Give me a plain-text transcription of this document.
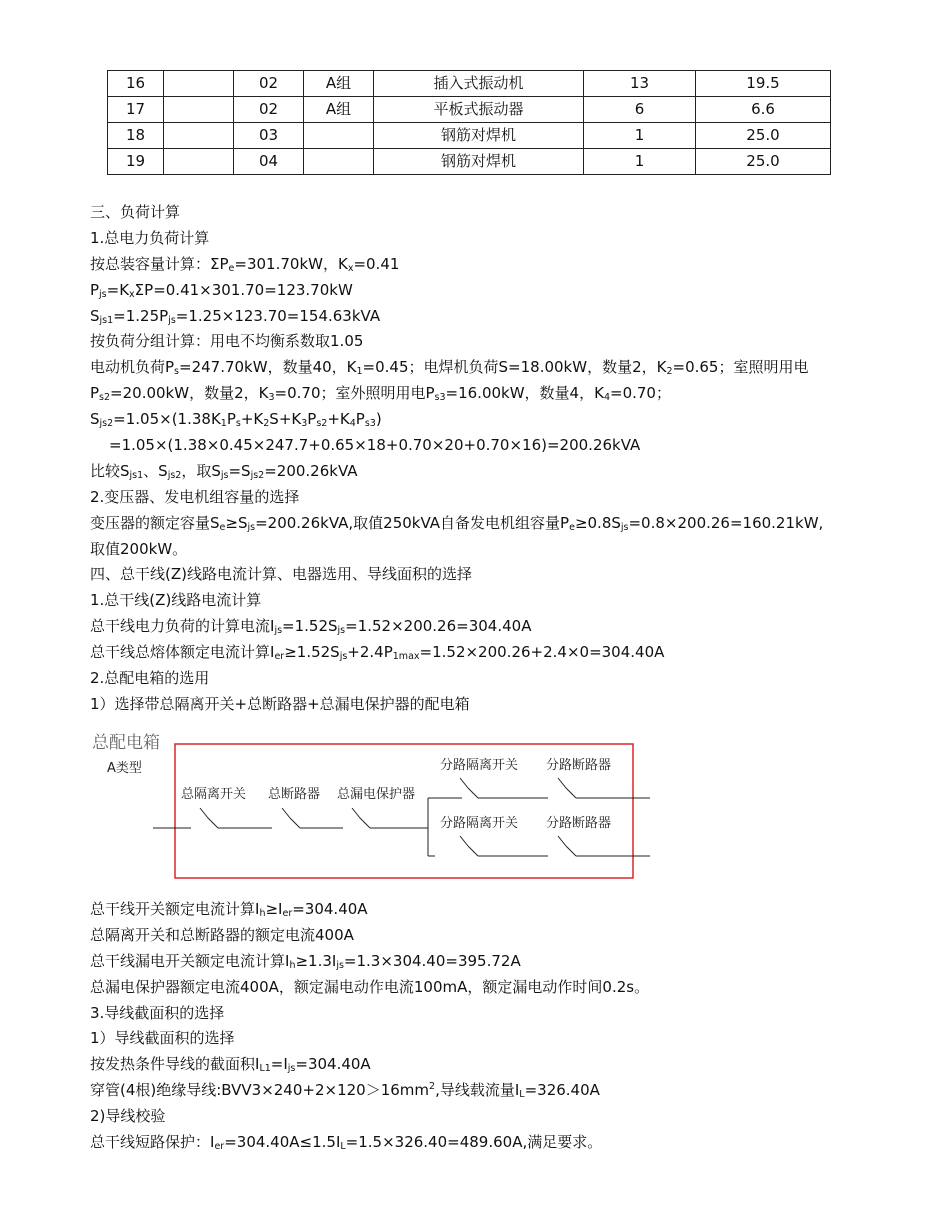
16		02	A组	插入式振动机	13	19.5
17		02	A组	平板式振动器	6	6.6
18		03		钢筋对焊机	1	25.0
19		04		钢筋对焊机	1	25.0
三、负荷计算
1.总电力负荷计算
按总装容量计算：$\Sigma P_e=301.70kW$，$K_x=0.41$
$P_{js}=K_x\Sigma P=0.41\times 301.70=123.70kW$
$S_{js1}=1.25P_{js}=1.25\times 123.70=154.63kVA$
按负荷分组计算：用电不均衡系数取1.05
电动机负荷$P_s=247.70kW$，数量40，$K_1=0.45$；电焊机负荷S=18.00kW，数量2，$K_2=0.65$；室照明用电
$P_{s2}=20.00kW$，数量2，$K_3=0.70$；室外照明用电$P_{s3}=16.00kW$，数量4，$K_4=0.70$；
$S_{js2}=1.05\times(1.38K_1P_s+K_2S+K_3P_{s2}+K_4P_{s3})$
=1.05×(1.38×0.45×247.7+0.65×18+0.70×20+0.70×16)=200.26kVA
比较$S_{js1}$、$S_{js2}$，取$S_{js}=S_{js2}=200.26kVA$
2.变压器、发电机组容量的选择
变压器的额定容量$S_e\ge S_{js}=200.26kVA$,取值250kVA自备发电机组容量$P_e\ge 0.8S_{js}=0.8\times 200.26=160.21kW$,
取值200kW。
四、总干线(Z)线路电流计算、电器选用、导线面积的选择
1.总干线(Z)线路电流计算
总干线电力负荷的计算电流$I_{js}=1.52S_{js}=1.52\times 200.26=304.40A$
总干线总熔体额定电流计算$I_{er}\ge 1.52S_{js}+2.4P_{1max}=1.52\times 200.26+2.4\times 0=304.40A$
2.总配电箱的选用
1）选择带总隔离开关+总断路器+总漏电保护器的配电箱
总配电箱
A类型
总隔离开关 总断路器 总漏电保护器
分路隔离开关 分路断路器
分路隔离开关 分路断路器
总干线开关额定电流计算$I_h\ge I_{er}=304.40A$
总隔离开关和总断路器的额定电流400A
总干线漏电开关额定电流计算$I_h\ge 1.3I_{js}=1.3\times 304.40=395.72A$
总漏电保护器额定电流400A，额定漏电动作电流100mA，额定漏电动作时间0.2s。
3.导线截面积的选择
1）导线截面积的选择
按发热条件导线的截面积$I_{L1}=I_{js}=304.40A$
穿管(4根)绝缘导线$:BVV3\times 240+2\times 120>16mm^2$,导线载流量$I_L=326.40A$
2)导线校验
总干线短路保护：$I_{er}=304.40A\le 1.5I_L=1.5\times 326.40=489.60A$,满足要求。
